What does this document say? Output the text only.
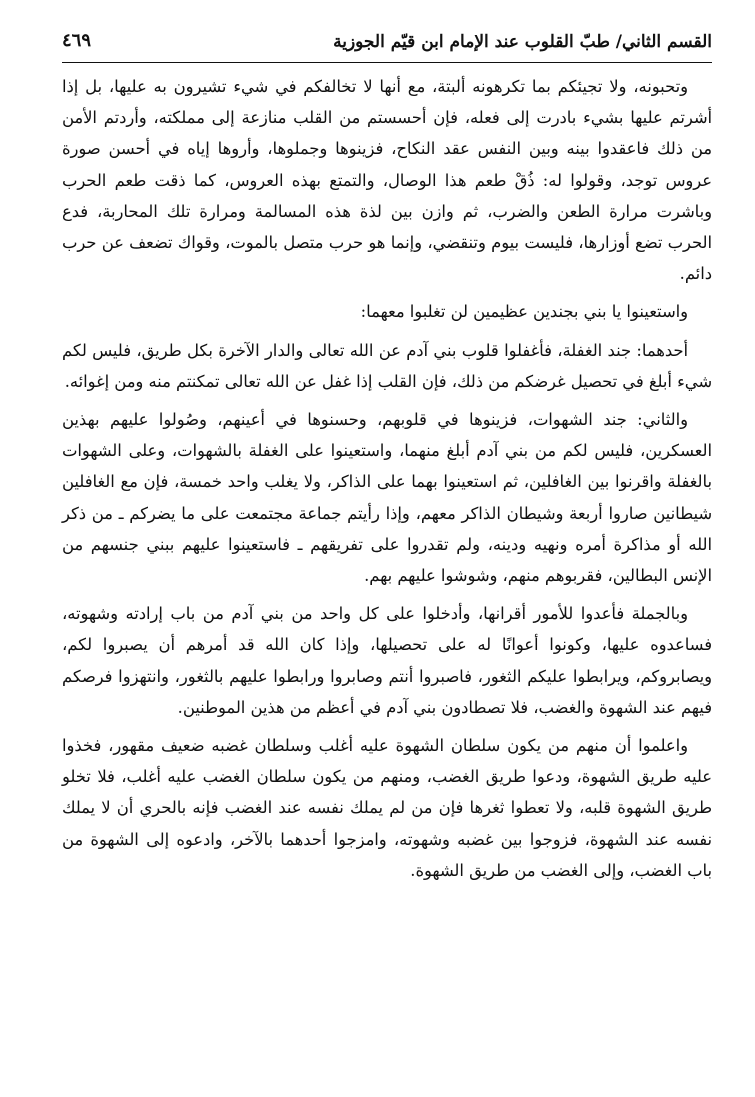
القسم الثاني/ طبّ القلوب عند الإمام ابن قيّم الجوزية
٤٦٩

وتحبونه، ولا تجيئكم بما تكرهونه ألبتة، مع أنها لا تخالفكم في شيء تشيرون به عليها، بل إذا أشرتم عليها بشيء بادرت إلى فعله، فإن أحسستم من القلب منازعة إلى مملكته، وأردتم الأمن من ذلك فاعقدوا بينه وبين النفس عقد النكاح، فزينوها وجملوها، وأروها إياه في أحسن صورة عروس توجد، وقولوا له: ذُقْ طعم هذا الوصال، والتمتع بهذه العروس، كما ذقت طعم الحرب وباشرت مرارة الطعن والضرب، ثم وازن بين لذة هذه المسالمة ومرارة تلك المحاربة، فدع الحرب تضع أوزارها، فليست بيوم وتنقضي، وإنما هو حرب متصل بالموت، وقواك تضعف عن حرب دائم.

واستعينوا يا بني بجندين عظيمين لن تغلبوا معهما:

أحدهما: جند الغفلة، فأغفلوا قلوب بني آدم عن الله تعالى والدار الآخرة بكل طريق، فليس لكم شيء أبلغ في تحصيل غرضكم من ذلك، فإن القلب إذا غفل عن الله تعالى تمكنتم منه ومن إغوائه.

والثاني: جند الشهوات، فزينوها في قلوبهم، وحسنوها في أعينهم، وصُولوا عليهم بهذين العسكرين، فليس لكم من بني آدم أبلغ منهما، واستعينوا على الغفلة بالشهوات، وعلى الشهوات بالغفلة واقرنوا بين الغافلين، ثم استعينوا بهما على الذاكر، ولا يغلب واحد خمسة، فإن مع الغافلين شيطانين صاروا أربعة وشيطان الذاكر معهم، وإذا رأيتم جماعة مجتمعت على ما يضركم ـ من ذكر الله أو مذاكرة أمره ونهيه ودينه، ولم تقدروا على تفريقهم ـ فاستعينوا عليهم ببني جنسهم من الإنس البطالين، فقربوهم منهم، وشوشوا عليهم بهم.

وبالجملة فأعدوا للأمور أقرانها، وأدخلوا على كل واحد من بني آدم من باب إرادته وشهوته، فساعدوه عليها، وكونوا أعوانًا له على تحصيلها، وإذا كان الله قد أمرهم أن يصبروا لكم، ويصابروكم، ويرابطوا عليكم الثغور، فاصبروا أنتم وصابروا ورابطوا عليهم بالثغور، وانتهزوا فرصكم فيهم عند الشهوة والغضب، فلا تصطادون بني آدم في أعظم من هذين الموطنين.

واعلموا أن منهم من يكون سلطان الشهوة عليه أغلب وسلطان غضبه ضعيف مقهور، فخذوا عليه طريق الشهوة، ودعوا طريق الغضب، ومنهم من يكون سلطان الغضب عليه أغلب، فلا تخلو طريق الشهوة قلبه، ولا تعطوا ثغرها فإن من لم يملك نفسه عند الغضب فإنه بالحري أن لا يملك نفسه عند الشهوة، فزوجوا بين غضبه وشهوته، وامزجوا أحدهما بالآخر، وادعوه إلى الشهوة من باب الغضب، وإلى الغضب من طريق الشهوة.
